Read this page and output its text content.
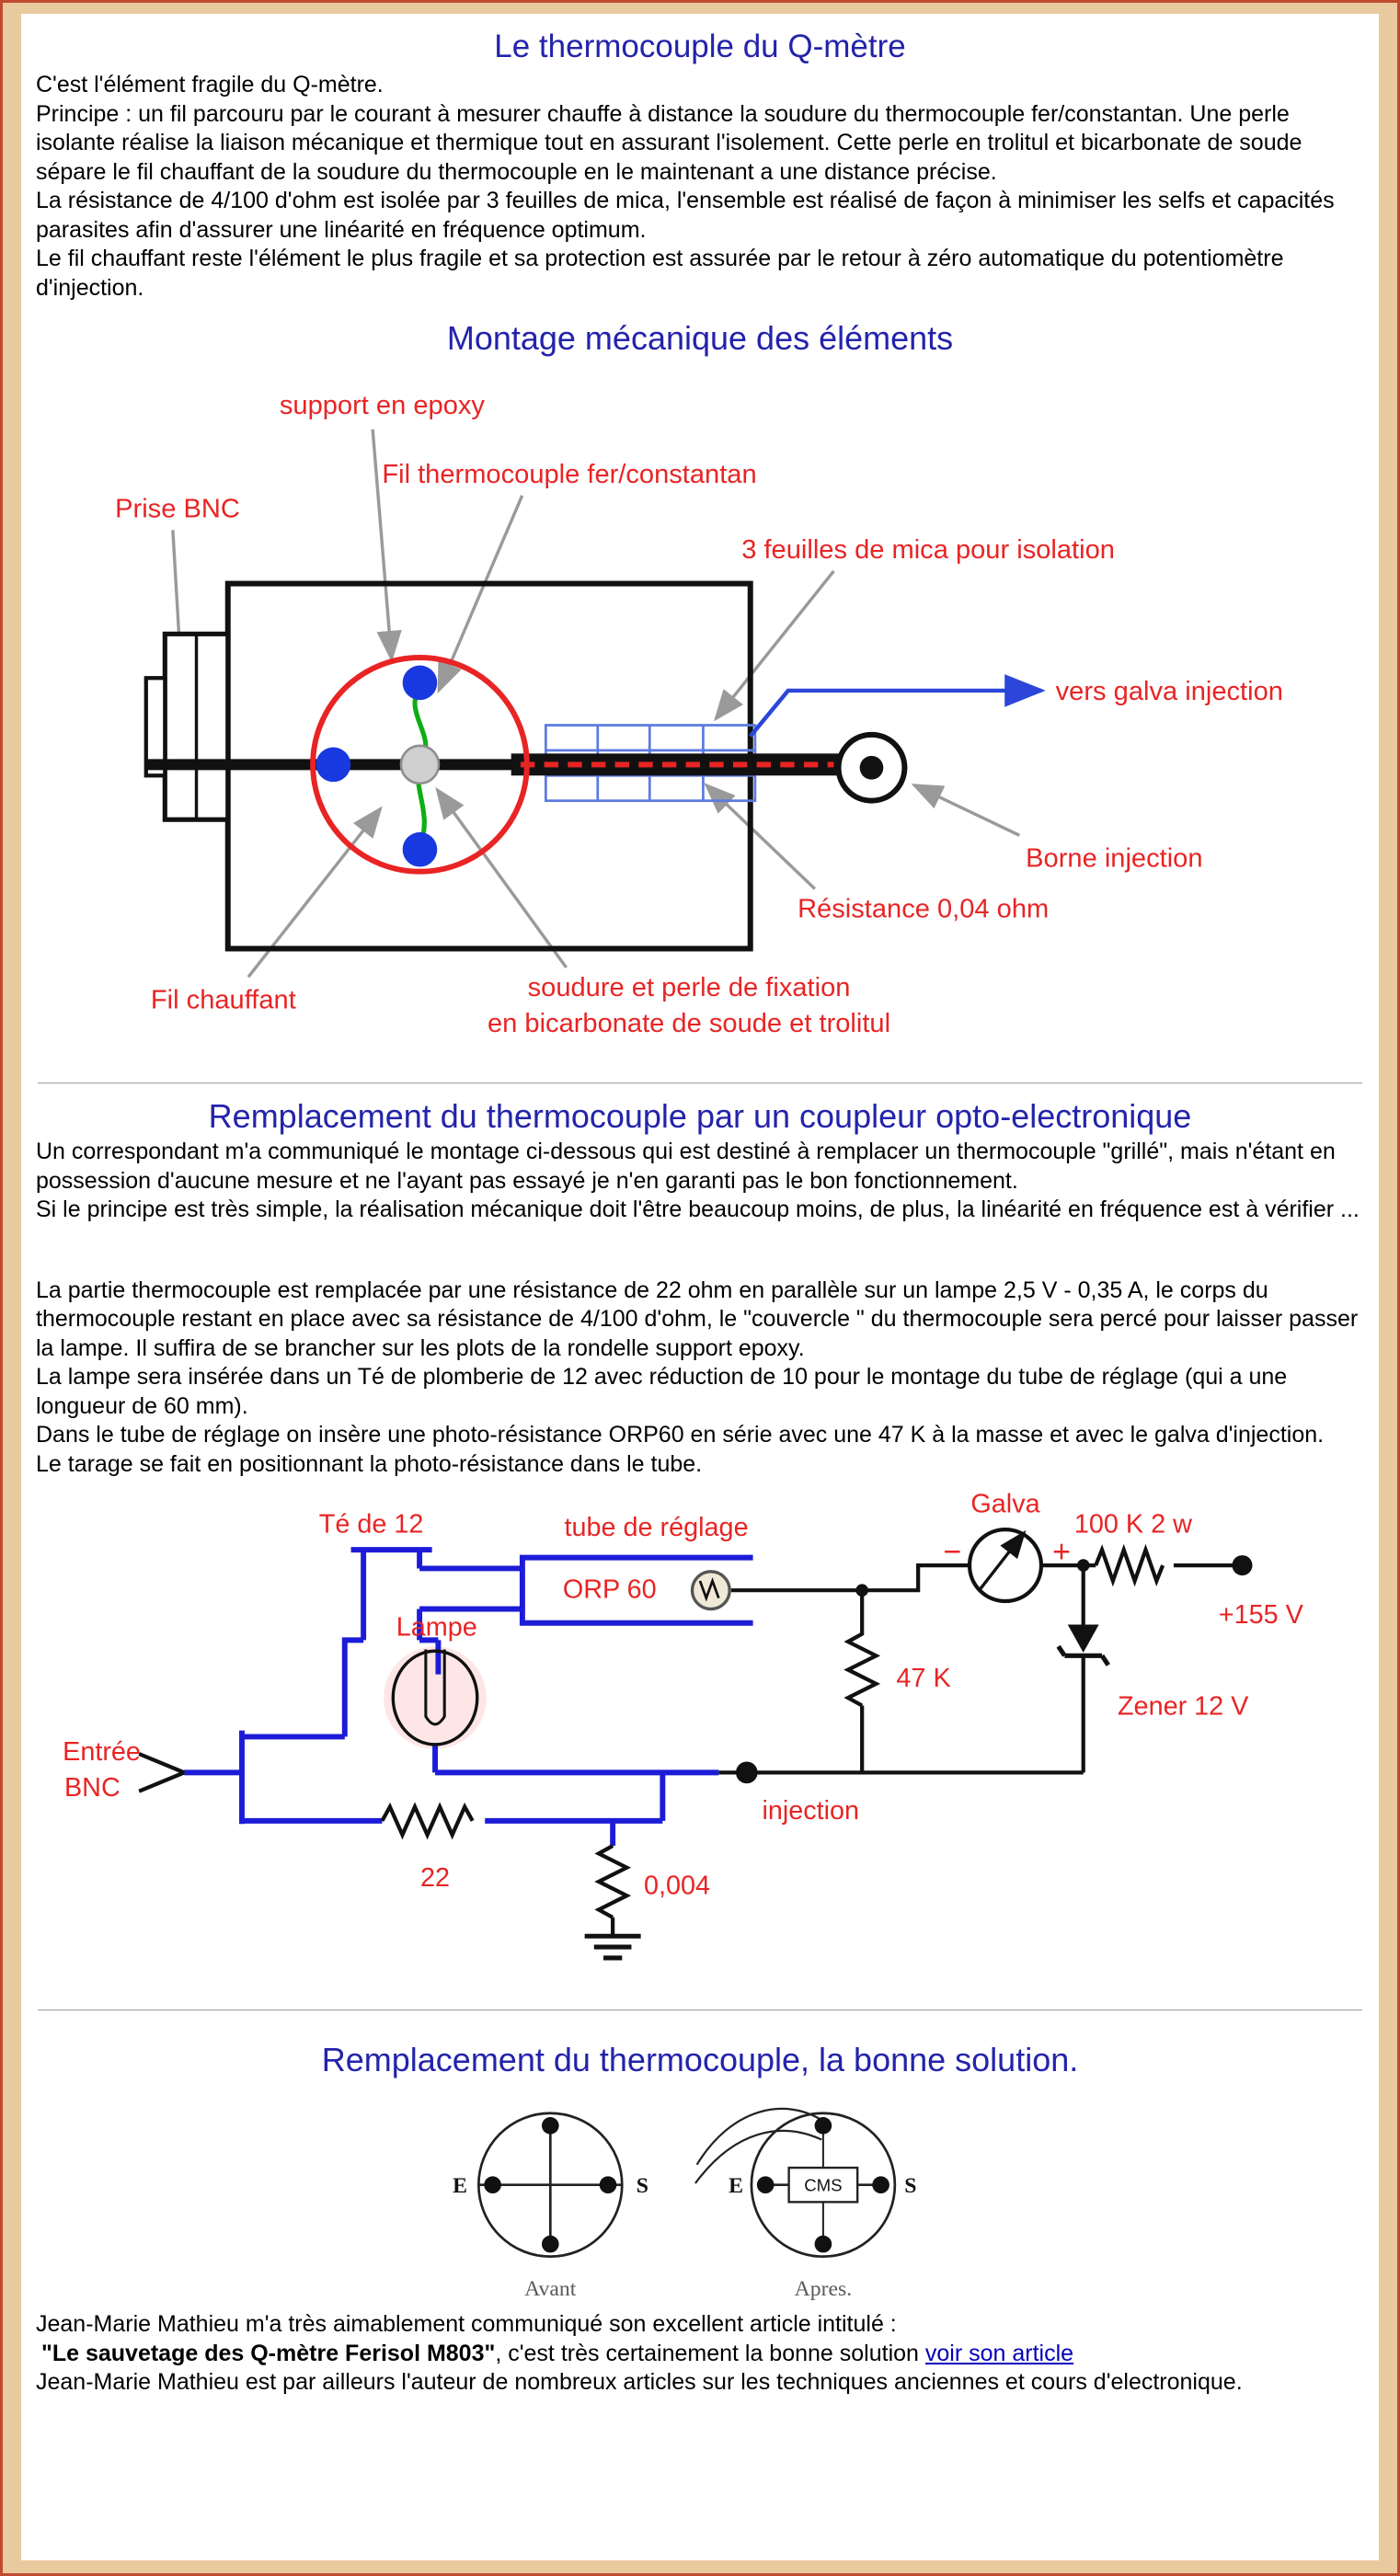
Le thermocouple du Q-mètre

C'est l'élément fragile du Q-mètre.

Principe : un fil parcouru par le courant à mesurer chauffe à distance la soudure du thermocouple fer/constantan. Une perle isolante réalise la liaison mécanique et thermique tout en assurant l'isolement. Cette perle en trolitul et bicarbonate de soude sépare le fil chauffant de la soudure du thermocouple en le maintenant a une distance précise.

La résistance de 4/100 d'ohm est isolée par 3 feuilles de mica, l'ensemble est réalisé de façon à minimiser les selfs et capacités parasites afin d'assurer une linéarité en fréquence optimum.

Le fil chauffant reste l'élément le plus fragile et sa protection est assurée par le retour à zéro automatique du potentiomètre d'injection.

Montage mécanique des éléments
support en epoxy
Fil thermocouple fer/constantan
Prise BNC
3 feuilles de mica pour isolation
vers galva injection
Borne injection
Résistance 0,04 ohm
Fil chauffant	soudure et perle de fixation
en bicarbonate de soude et trolitul
Remplacement du thermocouple par un coupleur opto-electronique

Un correspondant m'a communiqué le montage ci-dessous qui est destiné à remplacer un thermocouple "grillé", mais n'étant en possession d'aucune mesure et ne l'ayant pas essayé je n'en garanti pas le bon fonctionnement.

Si le principe est très simple, la réalisation mécanique doit l'être beaucoup moins, de plus, la linéarité en fréquence est à vérifier ...

La partie thermocouple est remplacée par une résistance de 22 ohm en parallèle sur un lampe 2,5 V - 0,35 A, le corps du thermocouple restant en place avec sa résistance de 4/100 d'ohm, le "couvercle " du thermocouple sera percé pour laisser passer la lampe. Il suffira de se brancher sur les plots de la rondelle support epoxy.

La lampe sera insérée dans un Té de plomberie de 12 avec réduction de 10 pour le montage du tube de réglage (qui a une longueur de 60 mm).

Dans le tube de réglage on insère une photo-résistance ORP60 en série avec une 47 K à la masse et avec le galva d'injection.

Le tarage se fait en positionnant la photo-résistance dans le tube.

Té de 12	tube de réglage
ORP 60
Galva
100 K 2 w
+155 V
Lampe
47 K
Zener 12 V
Entrée
BNC
injection
22	0,004
−	+
Remplacement du thermocouple, la bonne solution.
E	S
Avant
CMS
E	S
Apres.

Jean-Marie Mathieu m'a très aimablement communiqué son excellent article intitulé :

"Le sauvetage des Q-mètre Ferisol M803", c'est très certainement la bonne solution voir son article

Jean-Marie Mathieu est par ailleurs l'auteur de nombreux articles sur les techniques anciennes et cours d'electronique.
